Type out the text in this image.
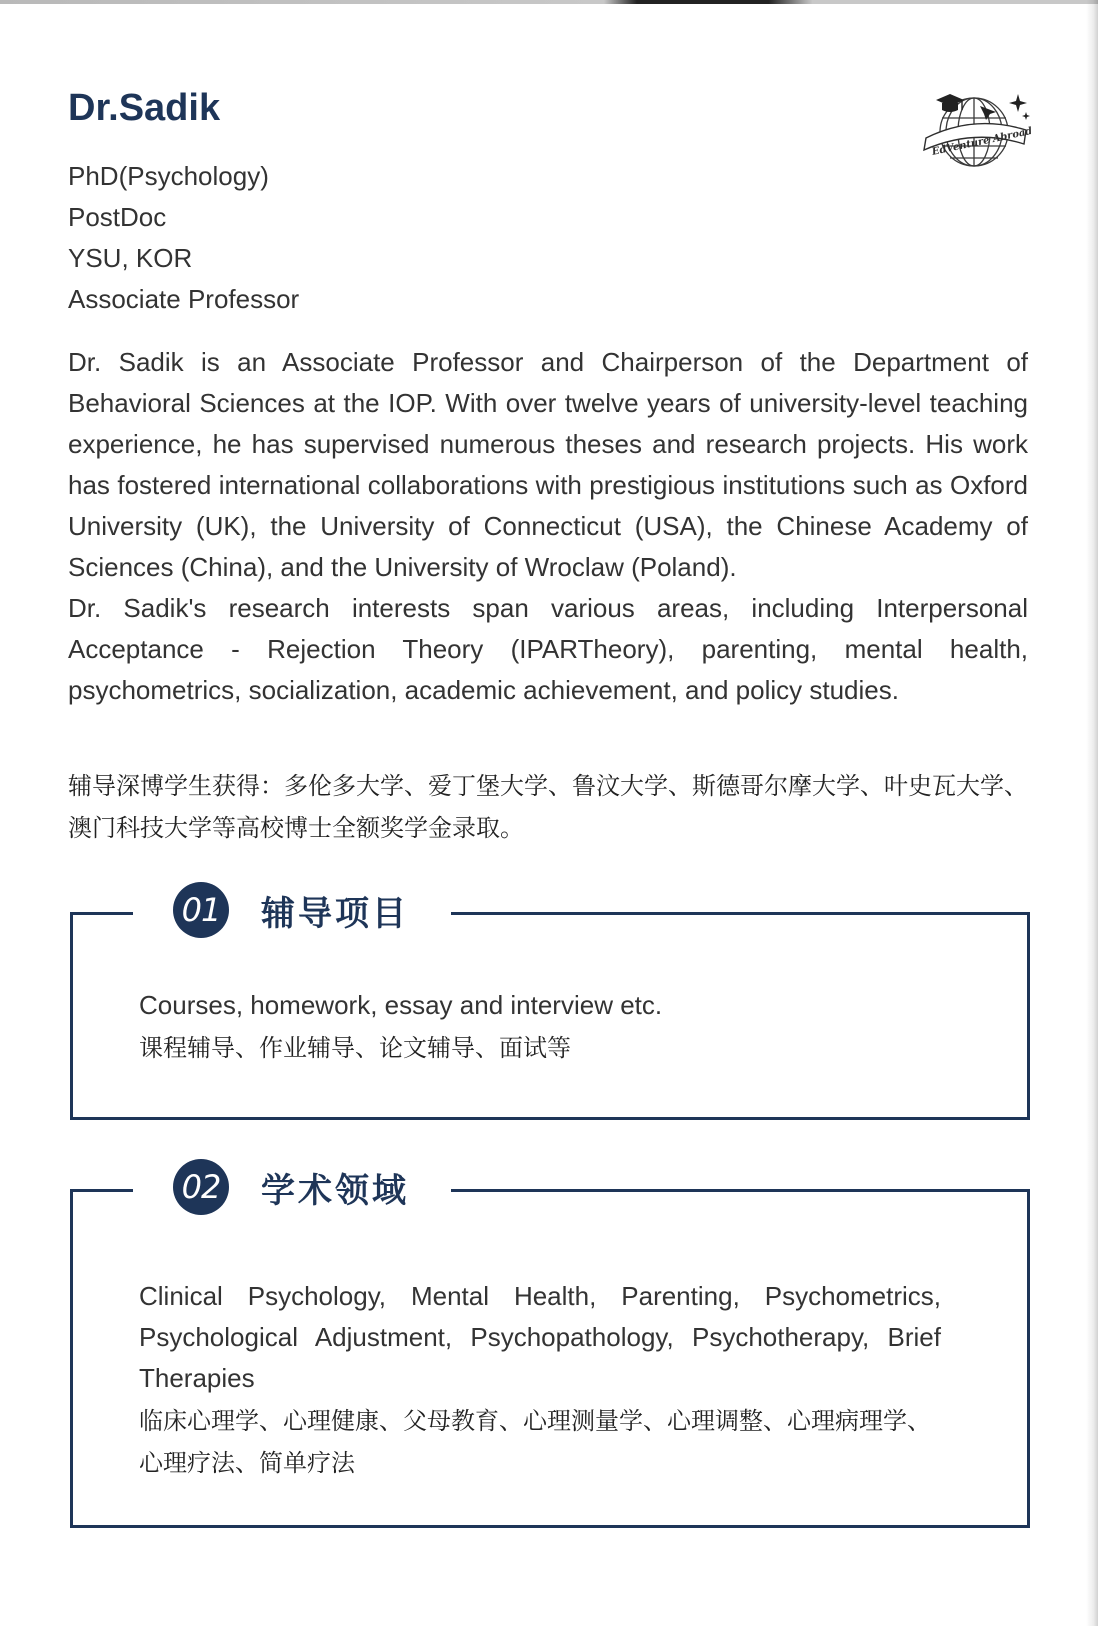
Dr.Sadik
EdVenture Abroad
PhD(Psychology)
PostDoc
YSU, KOR
Associate Professor

Dr. Sadik is an Associate Professor and Chairperson of the Department of Behavioral Sciences at the IOP. With over twelve years of university-level teaching experience, he has supervised numerous theses and research projects. His work has fostered international collaborations with prestigious institutions such as Oxford University (UK), the University of Connecticut (USA), the Chinese Academy of Sciences (China), and the University of Wroclaw (Poland).

Dr. Sadik's research interests span various areas, including Interpersonal Acceptance - Rejection Theory (IPARTheory), parenting, mental health, psychometrics, socialization, academic achievement, and policy studies.

辅导深博学生获得：多伦多大学、爱丁堡大学、鲁汶大学、斯德哥尔摩大学、叶史瓦大学、澳门科技大学等高校博士全额奖学金录取。
01 辅导项目
Courses, homework, essay and interview etc.
课程辅导、作业辅导、论文辅导、面试等
02 学术领域
Clinical Psychology, Mental Health, Parenting, Psychometrics, Psychological Adjustment, Psychopathology, Psychotherapy, Brief Therapies
临床心理学、心理健康、父母教育、心理测量学、心理调整、心理病理学、心理疗法、简单疗法
